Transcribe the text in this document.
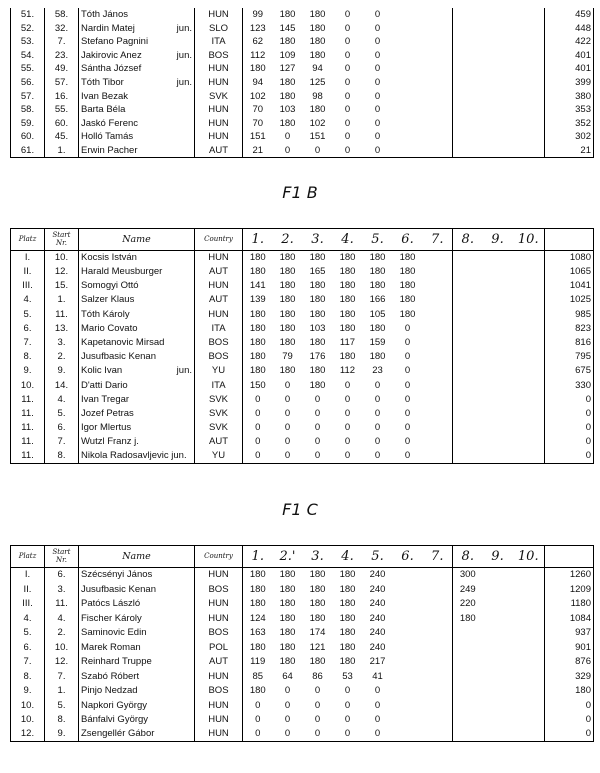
51.	58.	Tóth János	HUN	99	180	180	0	0						459
52.	32.	Nardin Matej jun.	SLO	123	145	180	0	0						448
53.	7.	Stefano Pagnini	ITA	62	180	180	0	0						422
54.	23.	Jakirovic Anez jun.	BOS	112	109	180	0	0						401
55.	49.	Sántha József	HUN	180	127	94	0	0						401
56.	57.	Tóth Tibor jun.	HUN	94	180	125	0	0						399
57.	16.	Ivan Bezak	SVK	102	180	98	0	0						380
58.	55.	Barta Béla	HUN	70	103	180	0	0						353
59.	60.	Jaskó Ferenc	HUN	70	180	102	0	0						352
60.	45.	Holló Tamás	HUN	151	0	151	0	0						302
61.	1.	Erwin Pacher	AUT	21	0	0	0	0						21
F1 B
Platz	Start
Nr.	Name	Country	1.	2.	3.	4.	5.	6.	7.	8.	9.	10.	
I.	10.	Kocsis István	HUN	180	180	180	180	180	180					1080
II.	12.	Harald Meusburger	AUT	180	180	165	180	180	180					1065
III.	15.	Somogyi Ottó	HUN	141	180	180	180	180	180					1041
4.	1.	Salzer Klaus	AUT	139	180	180	180	166	180					1025
5.	11.	Tóth Károly	HUN	180	180	180	180	105	180					985
6.	13.	Mario Covato	ITA	180	180	103	180	180	0					823
7.	3.	Kapetanovic Mirsad	BOS	180	180	180	117	159	0					816
8.	2.	Jusufbasic Kenan	BOS	180	79	176	180	180	0					795
9.	9.	Kolic Ivan jun.	YU	180	180	180	112	23	0					675
10.	14.	D'atti Dario	ITA	150	0	180	0	0	0					330
11.	4.	Ivan Tregar	SVK	0	0	0	0	0	0					0
11.	5.	Jozef Petras	SVK	0	0	0	0	0	0					0
11.	6.	Igor Mlertus	SVK	0	0	0	0	0	0					0
11.	7.	Wutzl Franz j.	AUT	0	0	0	0	0	0					0
11.	8.	Nikola Radosavljevic jun.	YU	0	0	0	0	0	0					0
F1 C
Platz	Start
Nr.	Name	Country	1.	2.'	3.	4.	5.	6.	7.	8.	9.	10.	
I.	6.	Szécsényi János	HUN	180	180	180	180	240			300			1260
II.	3.	Jusufbasic Kenan	BOS	180	180	180	180	240			249			1209
III.	11.	Patócs László	HUN	180	180	180	180	240			220			1180
4.	4.	Fischer Károly	HUN	124	180	180	180	240			180			1084
5.	2.	Saminovic Edin	BOS	163	180	174	180	240						937
6.	10.	Marek Roman	POL	180	180	121	180	240						901
7.	12.	Reinhard Truppe	AUT	119	180	180	180	217						876
8.	7.	Szabó Róbert	HUN	85	64	86	53	41						329
9.	1.	Pinjo Nedzad	BOS	180	0	0	0	0						180
10.	5.	Napkori György	HUN	0	0	0	0	0						0
10.	8.	Bánfalvi György	HUN	0	0	0	0	0						0
12.	9.	Zsengellér Gábor	HUN	0	0	0	0	0						0
